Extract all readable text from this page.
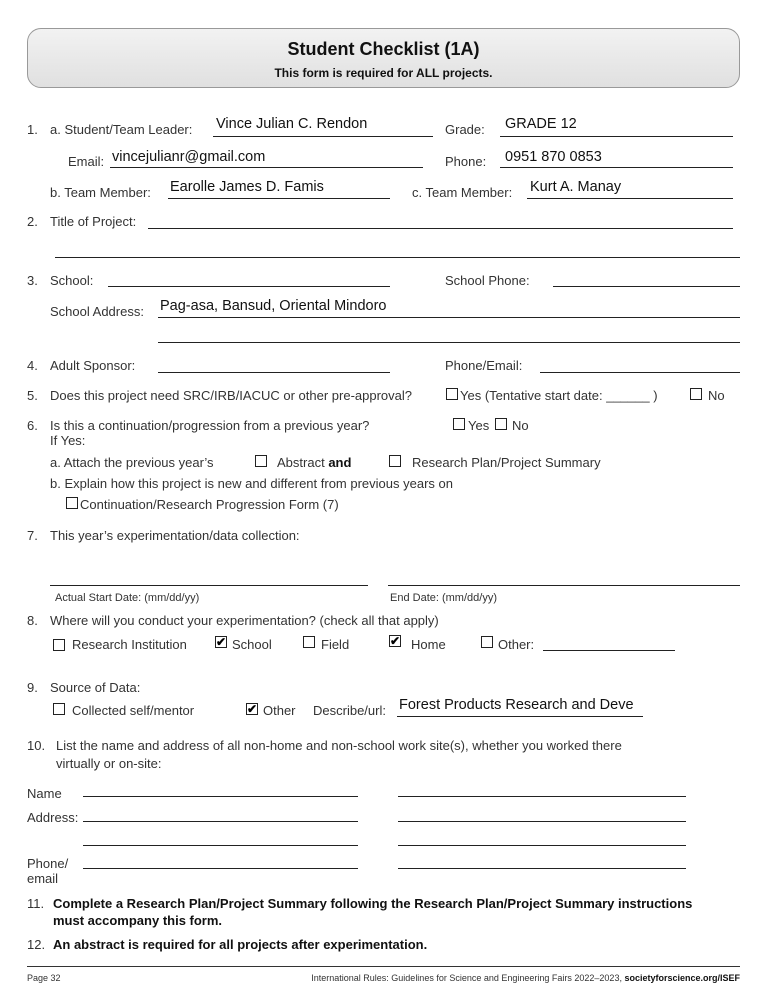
Student Checklist (1A)
This form is required for ALL projects.
1. a. Student/Team Leader: Vince Julian C. Rendon	Grade: GRADE 12
Email: vincejulianr@gmail.com	Phone: 0951 870 0853
b. Team Member: Earolle James D. Famis	c. Team Member: Kurt A. Manay
2. Title of Project:
3. School:	School Phone:
School Address: Pag-asa, Bansud, Oriental Mindoro
4. Adult Sponsor:	Phone/Email:
5. Does this project need SRC/IRB/IACUC or other pre-approval?	Yes (Tentative start date: ______ )	No
6. Is this a continuation/progression from a previous year?	Yes No
If Yes:
a. Attach the previous year’s	Abstract and	Research Plan/Project Summary
b. Explain how this project is new and different from previous years on
Continuation/Research Progression Form (7)
7. This year’s experimentation/data collection:
Actual Start Date: (mm/dd/yy)	End Date: (mm/dd/yy)
8. Where will you conduct your experimentation? (check all that apply)
Research Institution ✔ School	Field	✔ Home	Other:
9. Source of Data:
Collected self/mentor	✔ Other Describe/url: Forest Products Research and Deve
10. List the name and address of all non-home and non-school work site(s), whether you worked there
virtually or on-site:
Name
Address:
Phone/
email
11. Complete a Research Plan/Project Summary following the Research Plan/Project Summary instructions
must accompany this form.
12. An abstract is required for all projects after experimentation.
Page 32	International Rules: Guidelines for Science and Engineering Fairs 2022–2023, societyforscience.org/ISEF
